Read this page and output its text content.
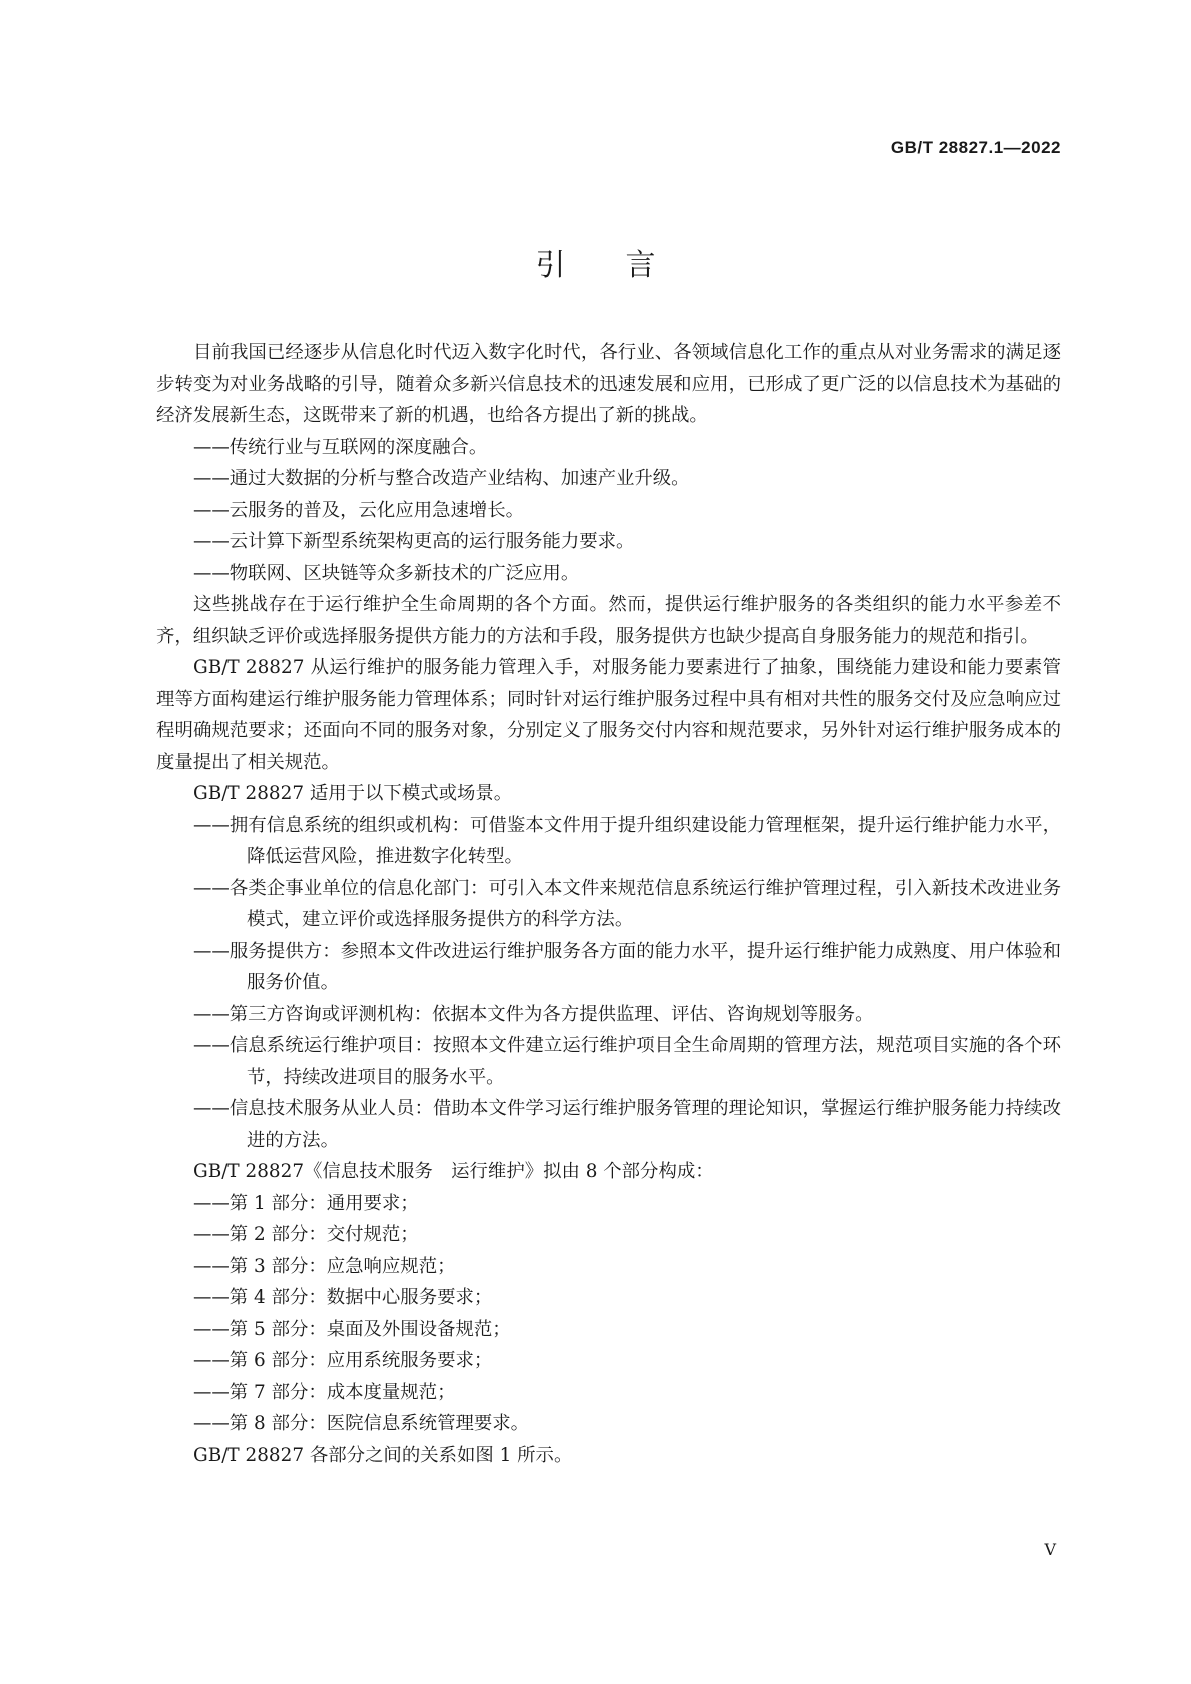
GB/T 28827.1—2022
引言
目前我国已经逐步从信息化时代迈入数字化时代，各行业、各领域信息化工作的重点从对业务需求的满足逐步转变为对业务战略的引导，随着众多新兴信息技术的迅速发展和应用，已形成了更广泛的以信息技术为基础的经济发展新生态，这既带来了新的机遇，也给各方提出了新的挑战。
——传统行业与互联网的深度融合。
——通过大数据的分析与整合改造产业结构、加速产业升级。
——云服务的普及，云化应用急速增长。
——云计算下新型系统架构更高的运行服务能力要求。
——物联网、区块链等众多新技术的广泛应用。
这些挑战存在于运行维护全生命周期的各个方面。然而，提供运行维护服务的各类组织的能力水平参差不齐，组织缺乏评价或选择服务提供方能力的方法和手段，服务提供方也缺少提高自身服务能力的规范和指引。
GB/T 28827 从运行维护的服务能力管理入手，对服务能力要素进行了抽象，围绕能力建设和能力要素管理等方面构建运行维护服务能力管理体系；同时针对运行维护服务过程中具有相对共性的服务交付及应急响应过程明确规范要求；还面向不同的服务对象，分别定义了服务交付内容和规范要求，另外针对运行维护服务成本的度量提出了相关规范。
GB/T 28827 适用于以下模式或场景。
——拥有信息系统的组织或机构：可借鉴本文件用于提升组织建设能力管理框架，提升运行维护能力水平，降低运营风险，推进数字化转型。
——各类企事业单位的信息化部门：可引入本文件来规范信息系统运行维护管理过程，引入新技术改进业务模式，建立评价或选择服务提供方的科学方法。
——服务提供方：参照本文件改进运行维护服务各方面的能力水平，提升运行维护能力成熟度、用户体验和服务价值。
——第三方咨询或评测机构：依据本文件为各方提供监理、评估、咨询规划等服务。
——信息系统运行维护项目：按照本文件建立运行维护项目全生命周期的管理方法，规范项目实施的各个环节，持续改进项目的服务水平。
——信息技术服务从业人员：借助本文件学习运行维护服务管理的理论知识，掌握运行维护服务能力持续改进的方法。
GB/T 28827《信息技术服务　运行维护》拟由 8 个部分构成：
——第 1 部分：通用要求；
——第 2 部分：交付规范；
——第 3 部分：应急响应规范；
——第 4 部分：数据中心服务要求；
——第 5 部分：桌面及外围设备规范；
——第 6 部分：应用系统服务要求；
——第 7 部分：成本度量规范；
——第 8 部分：医院信息系统管理要求。
GB/T 28827 各部分之间的关系如图 1 所示。
V
